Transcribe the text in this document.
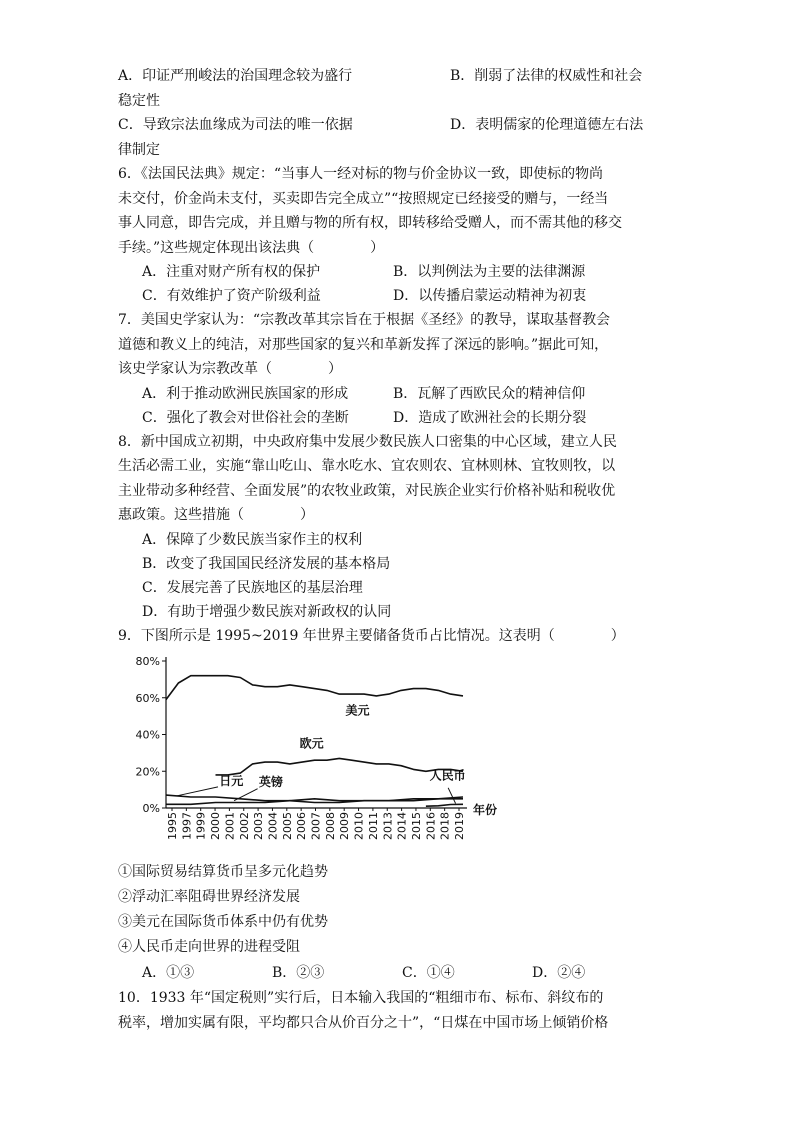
A．印证严刑峻法的治国理念较为盛行	B．削弱了法律的权威性和社会
稳定性
C．导致宗法血缘成为司法的唯一依据	D．表明儒家的伦理道德左右法
律制定
6．《法国民法典》规定：“当事人一经对标的物与价金协议一致，即使标的物尚
未交付，价金尚未支付，买卖即告完全成立”“按照规定已经接受的赠与，一经当
事人同意，即告完成，并且赠与物的所有权，即转移给受赠人，而不需其他的移交
手续。”这些规定体现出该法典（　　　　）
A．注重对财产所有权的保护	B．以判例法为主要的法律渊源
C．有效维护了资产阶级利益	D．以传播启蒙运动精神为初衷
7．美国史学家认为：“宗教改革其宗旨在于根据《圣经》的教导，谋取基督教会
道德和教义上的纯洁，对那些国家的复兴和革新发挥了深远的影响。”据此可知，
该史学家认为宗教改革（　　　　）
A．利于推动欧洲民族国家的形成	B．瓦解了西欧民众的精神信仰
C．强化了教会对世俗社会的垄断	D．造成了欧洲社会的长期分裂
8．新中国成立初期，中央政府集中发展少数民族人口密集的中心区域，建立人民
生活必需工业，实施“靠山吃山、靠水吃水、宜农则农、宜林则林、宜牧则牧，以
主业带动多种经营、全面发展”的农牧业政策，对民族企业实行价格补贴和税收优
惠政策。这些措施（　　　　）
A．保障了少数民族当家作主的权利
B．改变了我国国民经济发展的基本格局
C．发展完善了民族地区的基层治理
D．有助于增强少数民族对新政权的认同
9．下图所示是 1995~2019 年世界主要储备货币占比情况。这表明（　　　　）
0%
20%
40%
60%
80%
1995 1997 1999 2000 2001 2002 2003 2004 2005 2006 2007 2008 2009 2010 2011 2013 2014 2015 2016 2018 2019
年份
美元
欧元
日元 英镑	人民币
①国际贸易结算货币呈多元化趋势
②浮动汇率阻碍世界经济发展
③美元在国际货币体系中仍有优势
④人民币走向世界的进程受阻
A．①③	B．②③	C．①④	D．②④
10．1933 年“国定税则”实行后，日本输入我国的“粗细市布、标布、斜纹布的
税率，增加实属有限，平均都只合从价百分之十”，“日煤在中国市场上倾销价格
